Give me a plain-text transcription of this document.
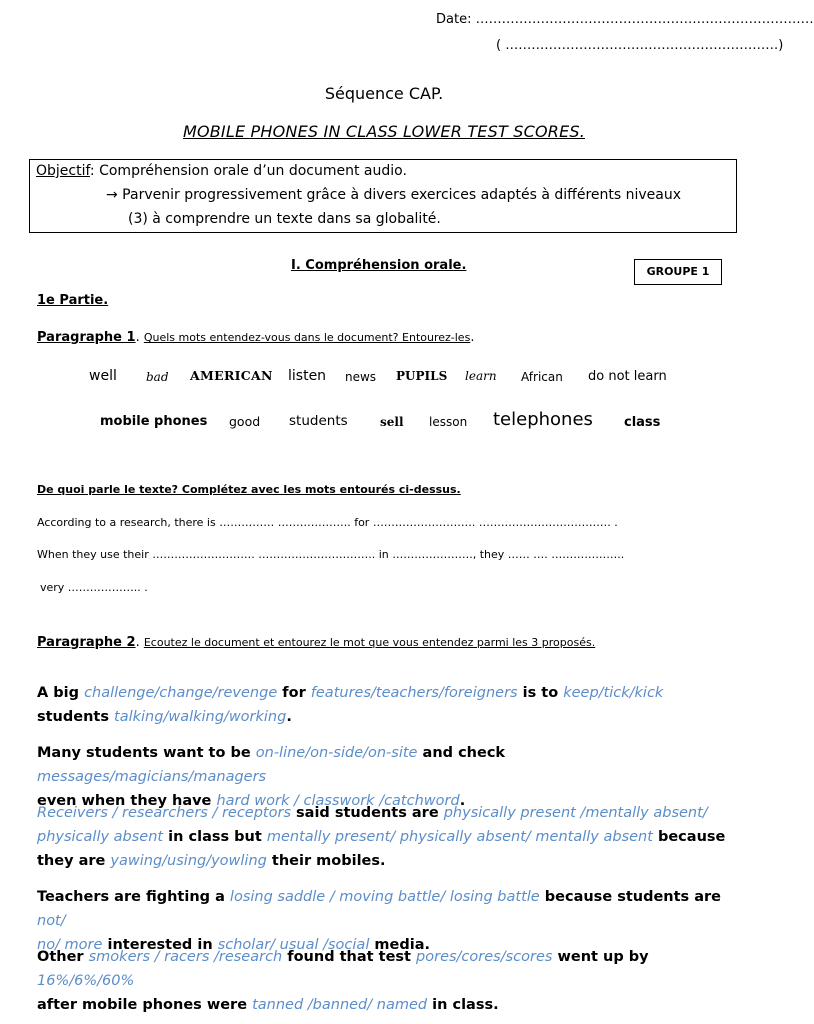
Date: ……………………………………………………………………
( ………………………………………………………)
Séquence CAP.
MOBILE PHONES IN CLASS LOWER TEST SCORES.
Objectif: Compréhension orale d’un document audio.
→ Parvenir progressivement grâce à divers exercices adaptés à différents niveaux
(3) à comprendre un texte dans sa globalité.
I. Compréhension orale.	GROUPE 1
1e Partie.
Paragraphe 1. Quels mots entendez-vous dans le document? Entourez-les.
well bad AMERICAN listen news PUPILS learn African do not learn
mobile phones good students	sell lesson telephones class
De quoi parle le texte? Complétez avec les mots entourés ci-dessus.
According to a research, there is …………… ……………….. for ………………………. ……………………………… .
When they use their ………………………. ………………………….. in …………………., they …… …. ………………..
very ……………….. .
Paragraphe 2. Ecoutez le document et entourez le mot que vous entendez parmi les 3 proposés.
A big challenge/change/revenge for features/teachers/foreigners is to keep/tick/kick
students talking/walking/working.
Many students want to be on-line/on-side/on-site and check messages/magicians/managers
even when they have hard work / classwork /catchword.
Receivers / researchers / receptors said students are physically present /mentally absent/
physically absent in class but mentally present/ physically absent/ mentally absent because
they are yawing/using/yowling their mobiles.
Teachers are fighting a losing saddle / moving battle/ losing battle because students are not/
no/ more interested in scholar/ usual /social media.
Other smokers / racers /research found that test pores/cores/scores went up by 16%/6%/60%
after mobile phones were tanned /banned/ named in class.
